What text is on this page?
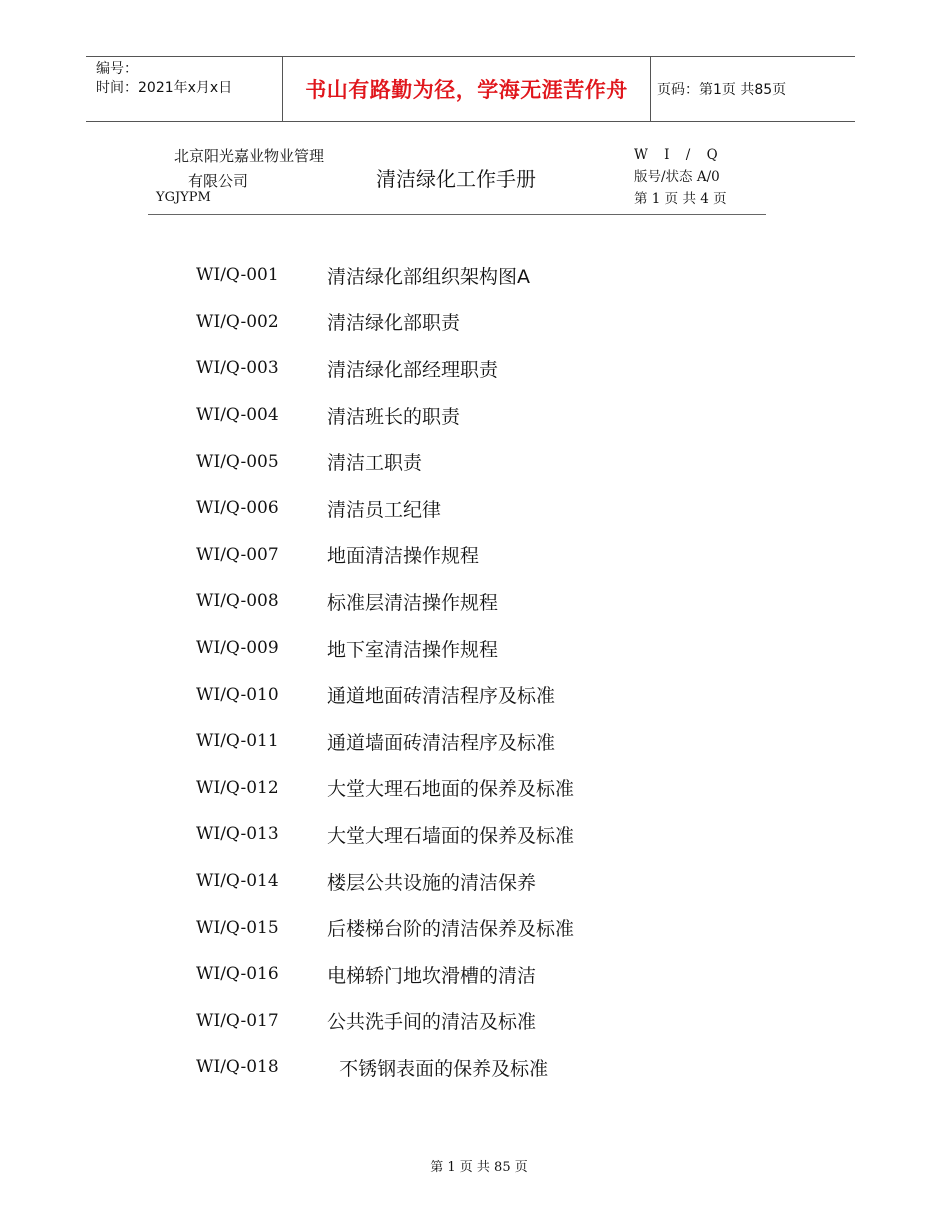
编号：
时间：2021年x月x日	书山有路勤为径，学海无涯苦作舟 页码：第1页 共85页
北京阳光嘉业物业管理
有限公司
YGJYPM
清洁绿化工作手册
W I / Q
版号/状态 A/0
第 1 页 共 4 页
WI/Q-001	清洁绿化部组织架构图A
WI/Q-002	清洁绿化部职责
WI/Q-003	清洁绿化部经理职责
WI/Q-004	清洁班长的职责
WI/Q-005	清洁工职责
WI/Q-006	清洁员工纪律
WI/Q-007	地面清洁操作规程
WI/Q-008	标准层清洁操作规程
WI/Q-009	地下室清洁操作规程
WI/Q-010	通道地面砖清洁程序及标准
WI/Q-011	通道墙面砖清洁程序及标准
WI/Q-012	大堂大理石地面的保养及标准
WI/Q-013	大堂大理石墙面的保养及标准
WI/Q-014	楼层公共设施的清洁保养
WI/Q-015	后楼梯台阶的清洁保养及标准
WI/Q-016	电梯轿门地坎滑槽的清洁
WI/Q-017	公共洗手间的清洁及标准
WI/Q-018	不锈钢表面的保养及标准
第 1 页 共 85 页
